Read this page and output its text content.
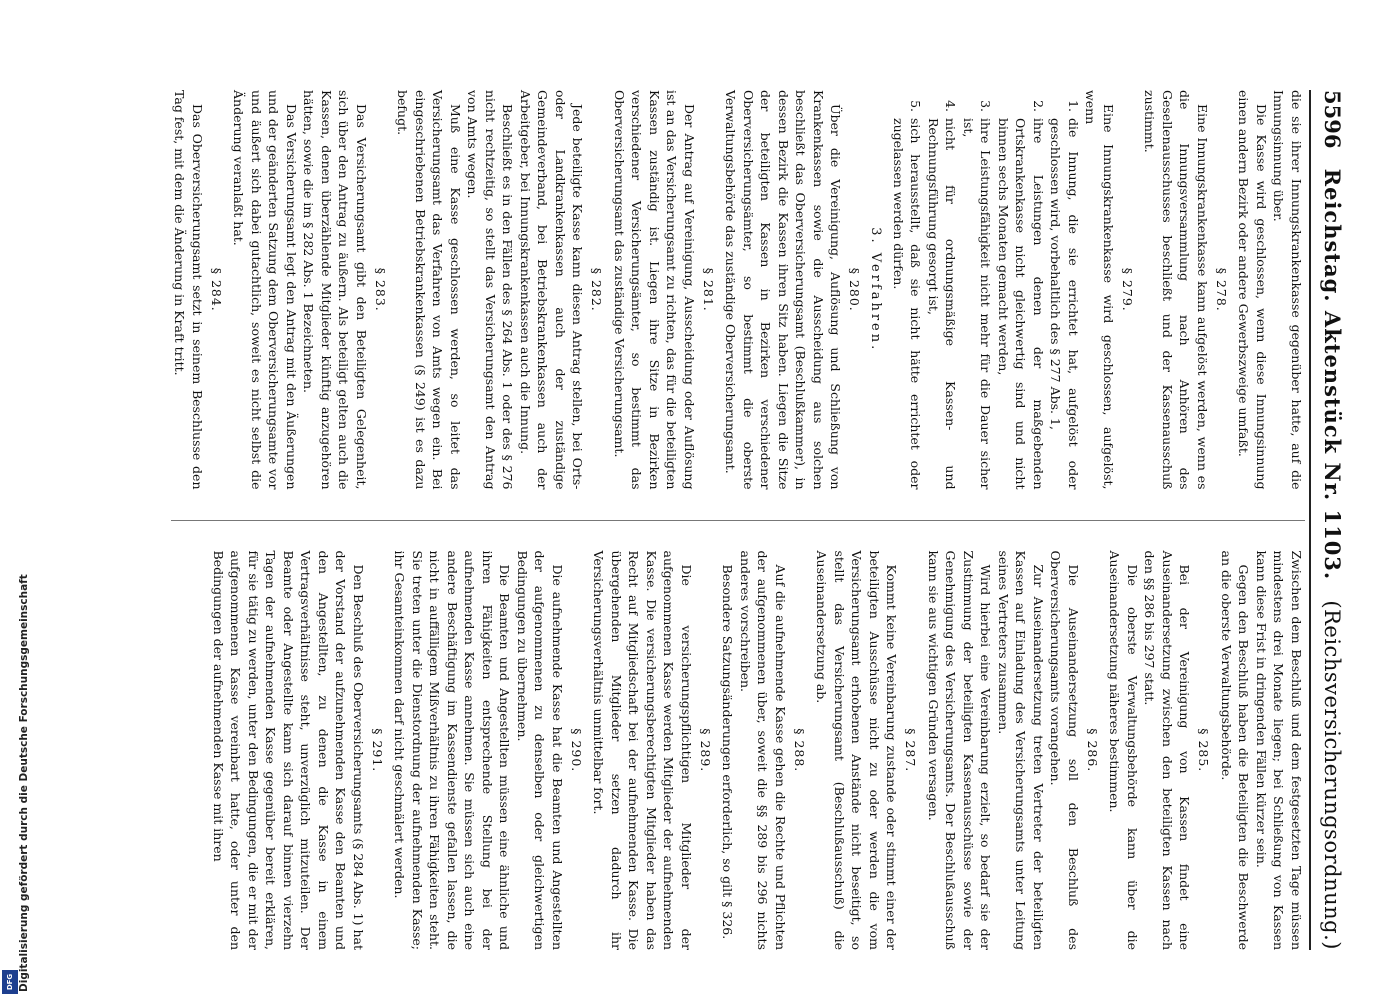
5596
Reichstag. Aktenstück Nr. 1103.
(Reichsversicherungsordnung.)

die sie ihrer Innungskrankenkasse gegenüber hatte, auf die Innungsinnung über.

Die Kasse wird geschlossen, wenn diese Innungsinnung einen andern Bezirk oder andere Gewerbszweige umfaßt.

§ 278.

Eine Innungskrankenkasse kann aufgelöst werden, wenn es die Innungsversammlung nach Anhören des Gesellenausschusses beschließt und der Kassenausschuß zustimmt.

§ 279.

Eine Innungskrankenkasse wird geschlossen, aufgelöst, wenn

1.
die Innung, die sie errichtet hat, aufgelöst oder geschlossen wird, vorbehaltlich des § 277 Abs. 1,
2.
ihre Leistungen denen der maßgebenden Ortskrankenkasse nicht gleichwertig sind und nicht binnen sechs Monaten gemacht werden,
3.
ihre Leistungsfähigkeit nicht mehr für die Dauer sicher ist,
4.
nicht für ordnungsmäßige Kassen- und Rechnungsführung gesorgt ist,
5.
sich herausstellt, daß sie nicht hätte errichtet oder zugelassen werden dürfen.

3. Verfahren.

§ 280.

Über die Vereinigung, Auflösung und Schließung von Krankenkassen sowie die Ausscheidung aus solchen beschließt das Oberversicherungsamt (Beschlußkammer), in dessen Bezirk die Kassen ihren Sitz haben. Liegen die Sitze der beteiligten Kassen in Bezirken verschiedener Oberversicherungsämter, so bestimmt die oberste Verwaltungsbehörde das zuständige Oberversicherungsamt.

§ 281.

Der Antrag auf Vereinigung, Ausscheidung oder Auflösung ist an das Versicherungsamt zu richten, das für die beteiligten Kassen zuständig ist. Liegen ihre Sitze in Bezirken verschiedener Versicherungsämter, so bestimmt das Oberversicherungsamt das zuständige Versicherungsamt.

§ 282.

Jede beteiligte Kasse kann diesen Antrag stellen, bei Orts- oder Landkrankenkassen auch der zuständige Gemeindeverband, bei Betriebskrankenkassen auch der Arbeitgeber, bei Innungskrankenkassen auch die Innung.

Beschließt es in den Fällen des § 264 Abs. 1 oder des § 276 nicht rechtzeitig, so stellt das Versicherungsamt den Antrag von Amts wegen.

Muß eine Kasse geschlossen werden, so leitet das Versicherungsamt das Verfahren von Amts wegen ein. Bei eingeschriebenen Betriebskrankenkassen (§ 249) ist es dazu befugt.

§ 283.

Das Versicherungsamt gibt den Beteiligten Gelegenheit, sich über den Antrag zu äußern. Als beteiligt gelten auch die Kassen, denen überzählende Mitglieder künftig anzugehören hätten, sowie die im § 282 Abs. 1 Bezeichneten.

Das Versicherungsamt legt den Antrag mit den Äußerungen und der geänderten Satzung dem Oberversicherungsamte vor und äußert sich dabei gutachtlich, soweit es nicht selbst die Änderung veranlaßt hat.

§ 284.

Das Oberversicherungsamt setzt in seinem Beschlusse den Tag fest, mit dem die Änderung in Kraft tritt.

Zwischen dem Beschluß und dem festgesetzten Tage müssen mindestens drei Monate liegen; bei Schließung von Kassen kann diese Frist in dringenden Fällen kürzer sein.

Gegen den Beschluß haben die Beteiligten die Beschwerde an die oberste Verwaltungsbehörde.

§ 285.

Bei der Vereinigung von Kassen findet eine Auseinandersetzung zwischen den beteiligten Kassen nach den §§ 286 bis 297 statt.

Die oberste Verwaltungsbehörde kann über die Auseinandersetzung näheres bestimmen.

§ 286.

Die Auseinandersetzung soll den Beschluß des Oberversicherungsamts vorangehen.

Zur Auseinandersetzung treten Vertreter der beteiligten Kassen auf Einladung des Versicherungsamts unter Leitung seines Vertreters zusammen.

Wird hierbei eine Vereinbarung erzielt, so bedarf sie der Zustimmung der beteiligten Kassenausschüsse sowie der Genehmigung des Versicherungsamts. Der Beschlußausschuß kann sie aus wichtigen Gründen versagen.

§ 287.

Kommt keine Vereinbarung zustande oder stimmt einer der beteiligten Ausschüsse nicht zu oder werden die vom Versicherungsamt erhobenen Anstände nicht beseitigt, so stellt das Versicherungsamt (Beschlußausschuß) die Auseinandersetzung ab.

§ 288.

Auf die aufnehmende Kasse gehen die Rechte und Pflichten der aufgenommenen über, soweit die §§ 289 bis 296 nichts anderes vorschreiben.

Besondere Satzungsänderungen erforderlich, so gilt § 326.

§ 289.

Die versicherungspflichtigen Mitglieder der aufgenommenen Kasse werden Mitglieder der aufnehmenden Kasse. Die versicherungsberechtigten Mitglieder haben das Recht auf Mitgliedschaft bei der aufnehmenden Kasse. Die übergehenden Mitglieder setzen dadurch ihr Versicherungsverhältnis unmittelbar fort.

§ 290.

Die aufnehmende Kasse hat die Beamten und Angestellten der aufgenommenen zu denselben oder gleichwertigen Bedingungen zu übernehmen.

Die Beamten und Angestellten müssen eine ähnliche und ihren Fähigkeiten entsprechende Stellung bei der aufnehmenden Kasse annehmen. Sie müssen sich auch eine andere Beschäftigung im Kassendienste gefallen lassen, die nicht in auffälligem Mißverhältnis zu ihren Fähigkeiten steht. Sie treten unter die Dienstordnung der aufnehmenden Kasse; ihr Gesamteinkommen darf nicht geschmälert werden.

§ 291.

Den Beschluß des Oberversicherungsamts (§ 284 Abs. 1) hat der Vorstand der aufzunehmenden Kasse den Beamten und den Angestellten, zu denen die Kasse in einem Vertragsverhältnisse steht, unverzüglich mitzuteilen. Der Beamte oder Angestellte kann sich darauf binnen vierzehn Tagen der aufnehmenden Kasse gegenüber bereit erklären, für sie tätig zu werden, unter den Bedingungen, die er mit der aufgenommenen Kasse vereinbart hatte, oder unter den Bedingungen der aufnehmenden Kasse mit ihren

Digitalisierung gefördert durch die Deutsche Forschungsgemeinschaft
DFG
